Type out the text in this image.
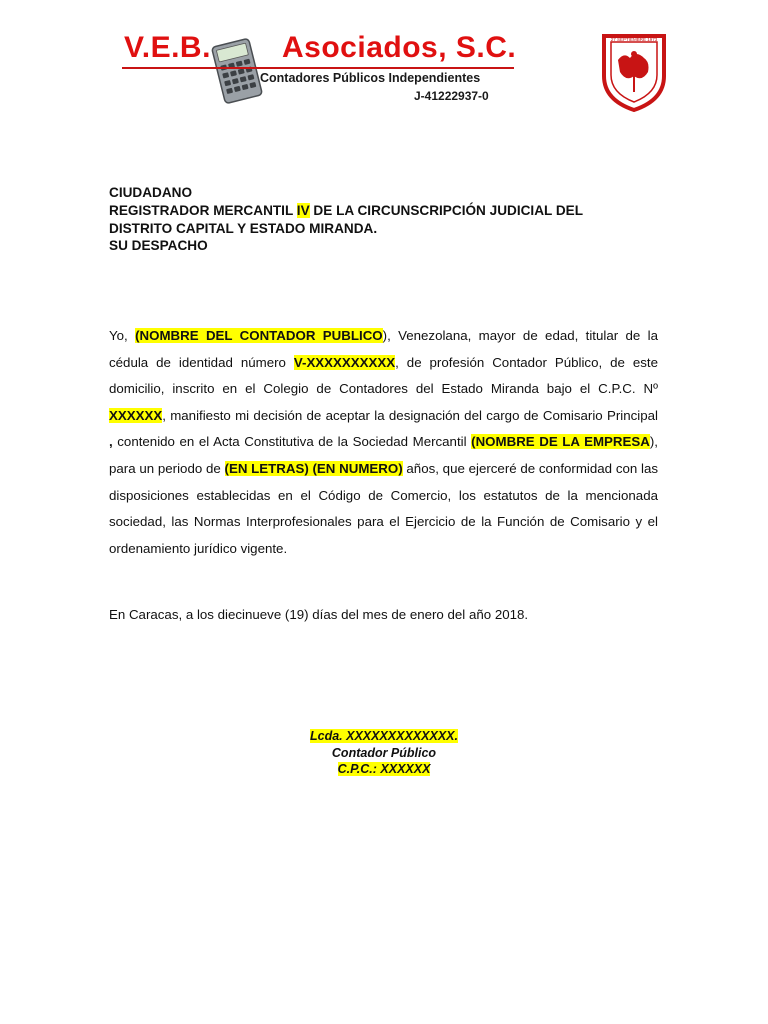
V.E.B. Asociados, S.C.
Contadores Públicos Independientes
J-41222937-0
27 SEPTIEMBRE 1973
CIUDADANO
REGISTRADOR MERCANTIL IV DE LA CIRCUNSCRIPCIÓN JUDICIAL DEL DISTRITO CAPITAL Y ESTADO MIRANDA.
SU DESPACHO
Yo, (NOMBRE DEL CONTADOR PUBLICO), Venezolana, mayor de edad, titular de la cédula de identidad número V-XXXXXXXXXX, de profesión Contador Público, de este domicilio, inscrito en el Colegio de Contadores del Estado Miranda bajo el C.P.C. Nº XXXXXX, manifiesto mi decisión de aceptar la designación del cargo de Comisario Principal , contenido en el Acta Constitutiva de la Sociedad Mercantil (NOMBRE DE LA EMPRESA), para un periodo de (EN LETRAS) (EN NUMERO) años, que ejerceré de conformidad con las disposiciones establecidas en el Código de Comercio, los estatutos de la mencionada sociedad, las Normas Interprofesionales para el Ejercicio de la Función de Comisario y el ordenamiento jurídico vigente.
En Caracas, a los diecinueve (19) días del mes de enero del año 2018.
Lcda. XXXXXXXXXXXXX.
Contador Público
C.P.C.: XXXXXX
